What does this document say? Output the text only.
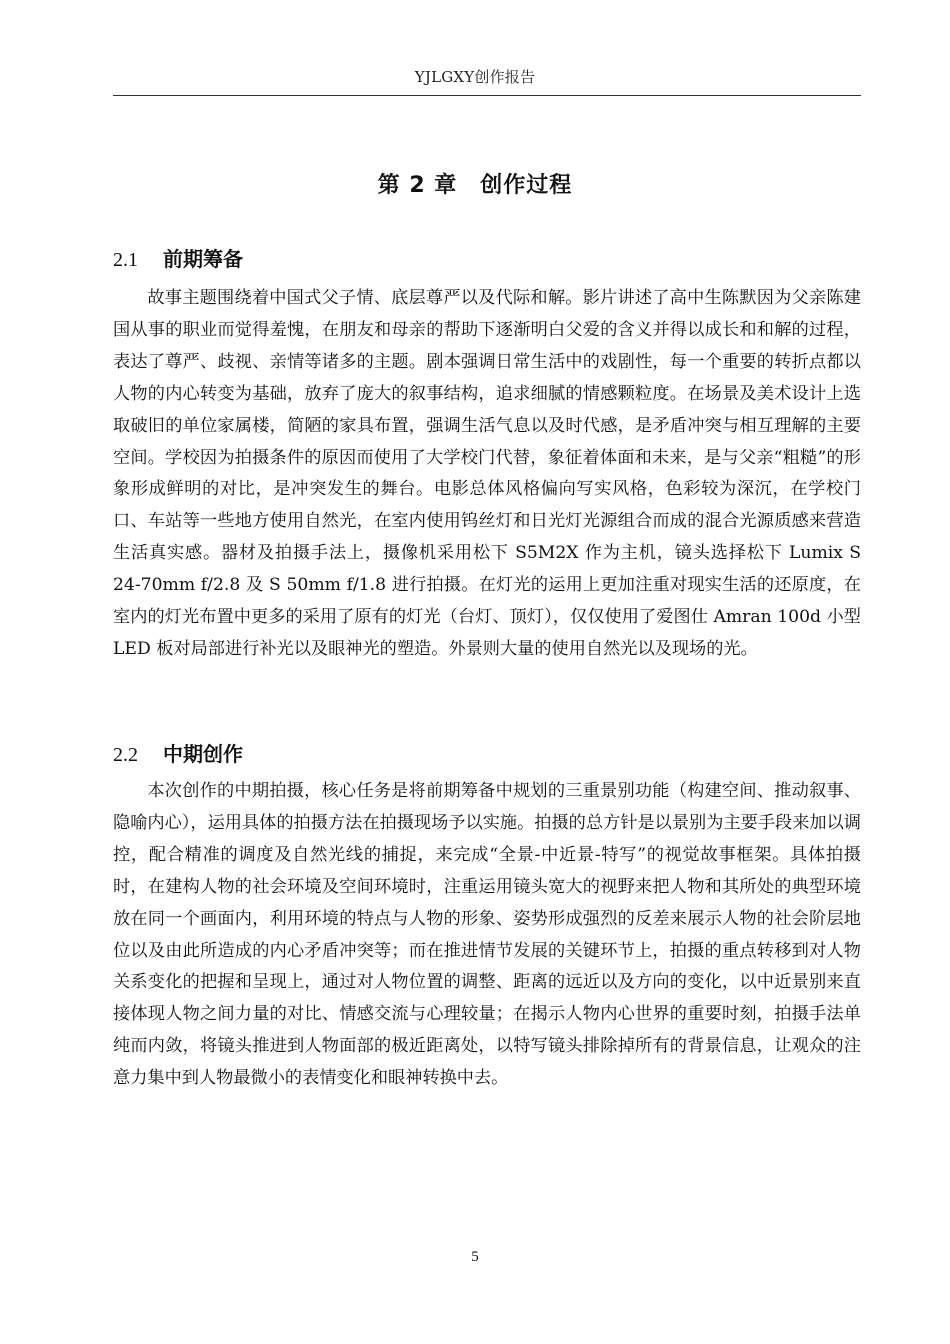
YJLGXY创作报告
第 2 章　创作过程
2.1 前期筹备

故事主题围绕着中国式父子情、底层尊严以及代际和解。影片讲述了高中生陈默因为父亲陈建国从事的职业而觉得羞愧，在朋友和母亲的帮助下逐渐明白父爱的含义并得以成长和和解的过程，表达了尊严、歧视、亲情等诸多的主题。剧本强调日常生活中的戏剧性，每一个重要的转折点都以人物的内心转变为基础，放弃了庞大的叙事结构，追求细腻的情感颗粒度。在场景及美术设计上选取破旧的单位家属楼，简陋的家具布置，强调生活气息以及时代感，是矛盾冲突与相互理解的主要空间。学校因为拍摄条件的原因而使用了大学校门代替，象征着体面和未来，是与父亲“粗糙”的形象形成鲜明的对比，是冲突发生的舞台。电影总体风格偏向写实风格，色彩较为深沉，在学校门口、车站等一些地方使用自然光，在室内使用钨丝灯和日光灯光源组合而成的混合光源质感来营造生活真实感。器材及拍摄手法上，摄像机采用松下 S5M2X 作为主机，镜头选择松下 Lumix S 24-70mm f/2.8 及 S 50mm f/1.8 进行拍摄。在灯光的运用上更加注重对现实生活的还原度，在室内的灯光布置中更多的采用了原有的灯光（台灯、顶灯），仅仅使用了爱图仕 Amran 100d 小型 LED 板对局部进行补光以及眼神光的塑造。外景则大量的使用自然光以及现场的光。

2.2 中期创作

本次创作的中期拍摄，核心任务是将前期筹备中规划的三重景别功能（构建空间、推动叙事、隐喻内心），运用具体的拍摄方法在拍摄现场予以实施。拍摄的总方针是以景别为主要手段来加以调控，配合精准的调度及自然光线的捕捉，来完成“全景-中近景-特写”的视觉故事框架。具体拍摄时，在建构人物的社会环境及空间环境时，注重运用镜头宽大的视野来把人物和其所处的典型环境放在同一个画面内，利用环境的特点与人物的形象、姿势形成强烈的反差来展示人物的社会阶层地位以及由此所造成的内心矛盾冲突等；而在推进情节发展的关键环节上，拍摄的重点转移到对人物关系变化的把握和呈现上，通过对人物位置的调整、距离的远近以及方向的变化，以中近景别来直接体现人物之间力量的对比、情感交流与心理较量；在揭示人物内心世界的重要时刻，拍摄手法单纯而内敛，将镜头推进到人物面部的极近距离处，以特写镜头排除掉所有的背景信息，让观众的注意力集中到人物最微小的表情变化和眼神转换中去。

5
